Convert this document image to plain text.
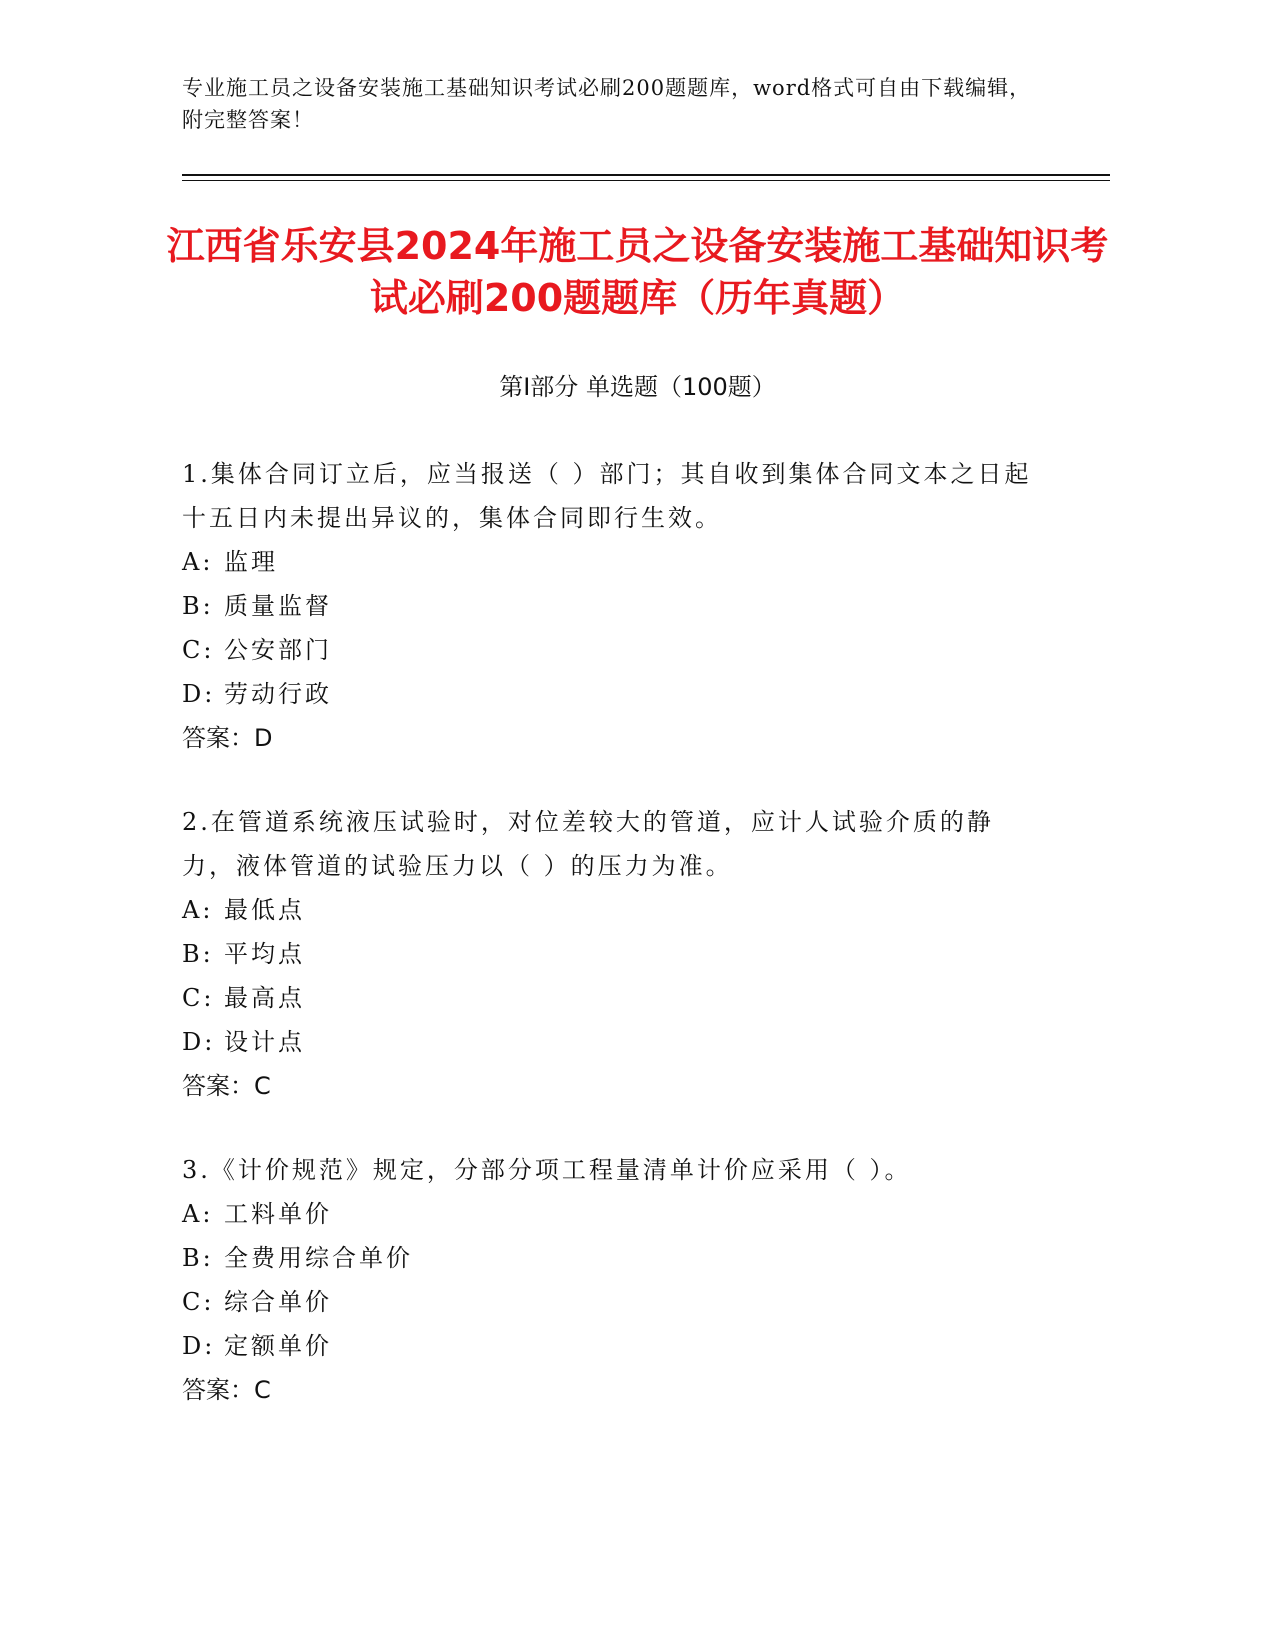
专业施工员之设备安装施工基础知识考试必刷200题题库，word格式可自由下载编辑，附完整答案！
江西省乐安县2024年施工员之设备安装施工基础知识考试必刷200题题库（历年真题）
第Ⅰ部分 单选题（100题）
1.集体合同订立后，应当报送（ ）部门；其自收到集体合同文本之日起十五日内未提出异议的，集体合同即行生效。
A: 监理
B: 质量监督
C: 公安部门
D: 劳动行政
答案：D
2.在管道系统液压试验时，对位差较大的管道，应计人试验介质的静力，液体管道的试验压力以（ ）的压力为准。
A: 最低点
B: 平均点
C: 最高点
D: 设计点
答案：C
3.《计价规范》规定，分部分项工程量清单计价应采用（ ）。
A: 工料单价
B: 全费用综合单价
C: 综合单价
D: 定额单价
答案：C
